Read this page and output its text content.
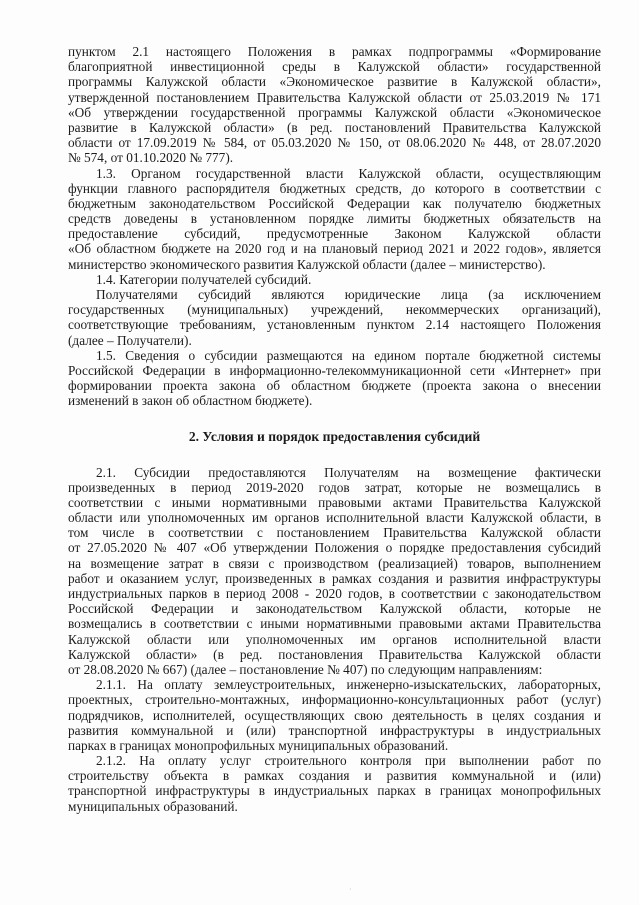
пунктом 2.1 настоящего Положения в рамках подпрограммы «Формирование
благоприятной инвестиционной среды в Калужской области» государственной
программы Калужской области «Экономическое развитие в Калужской области»,
утвержденной постановлением Правительства Калужской области от 25.03.2019 № 171
«Об утверждении государственной программы Калужской области «Экономическое
развитие в Калужской области» (в ред. постановлений Правительства Калужской
области от 17.09.2019 № 584, от 05.03.2020 № 150, от 08.06.2020 № 448, от 28.07.2020
№ 574, от 01.10.2020 № 777).
1.3. Органом государственной власти Калужской области, осуществляющим
функции главного распорядителя бюджетных средств, до которого в соответствии с
бюджетным законодательством Российской Федерации как получателю бюджетных
средств доведены в установленном порядке лимиты бюджетных обязательств на
предоставление субсидий, предусмотренные Законом Калужской области
«Об областном бюджете на 2020 год и на плановый период 2021 и 2022 годов», является
министерство экономического развития Калужской области (далее – министерство).
1.4. Категории получателей субсидий.
Получателями субсидий являются юридические лица (за исключением
государственных (муниципальных) учреждений, некоммерческих организаций),
соответствующие требованиям, установленным пунктом 2.14 настоящего Положения
(далее – Получатели).
1.5. Сведения о субсидии размещаются на едином портале бюджетной системы
Российской Федерации в информационно-телекоммуникационной сети «Интернет» при
формировании проекта закона об областном бюджете (проекта закона о внесении
изменений в закон об областном бюджете).
2. Условия и порядок предоставления субсидий
2.1. Субсидии предоставляются Получателям на возмещение фактически
произведенных в период 2019-2020 годов затрат, которые не возмещались в
соответствии с иными нормативными правовыми актами Правительства Калужской
области или уполномоченных им органов исполнительной власти Калужской области, в
том числе в соответствии с постановлением Правительства Калужской области
от 27.05.2020 № 407 «Об утверждении Положения о порядке предоставления субсидий
на возмещение затрат в связи с производством (реализацией) товаров, выполнением
работ и оказанием услуг, произведенных в рамках создания и развития инфраструктуры
индустриальных парков в период 2008 - 2020 годов, в соответствии с законодательством
Российской Федерации и законодательством Калужской области, которые не
возмещались в соответствии с иными нормативными правовыми актами Правительства
Калужской области или уполномоченных им органов исполнительной власти
Калужской области» (в ред. постановления Правительства Калужской области
от 28.08.2020 № 667) (далее – постановление № 407) по следующим направлениям:
2.1.1. На оплату землеустроительных, инженерно-изыскательских, лабораторных,
проектных, строительно-монтажных, информационно-консультационных работ (услуг)
подрядчиков, исполнителей, осуществляющих свою деятельность в целях создания и
развития коммунальной и (или) транспортной инфраструктуры в индустриальных
парках в границах монопрофильных муниципальных образований.
2.1.2. На оплату услуг строительного контроля при выполнении работ по
строительству объекта в рамках создания и развития коммунальной и (или)
транспортной инфраструктуры в индустриальных парках в границах монопрофильных
муниципальных образований.
·
